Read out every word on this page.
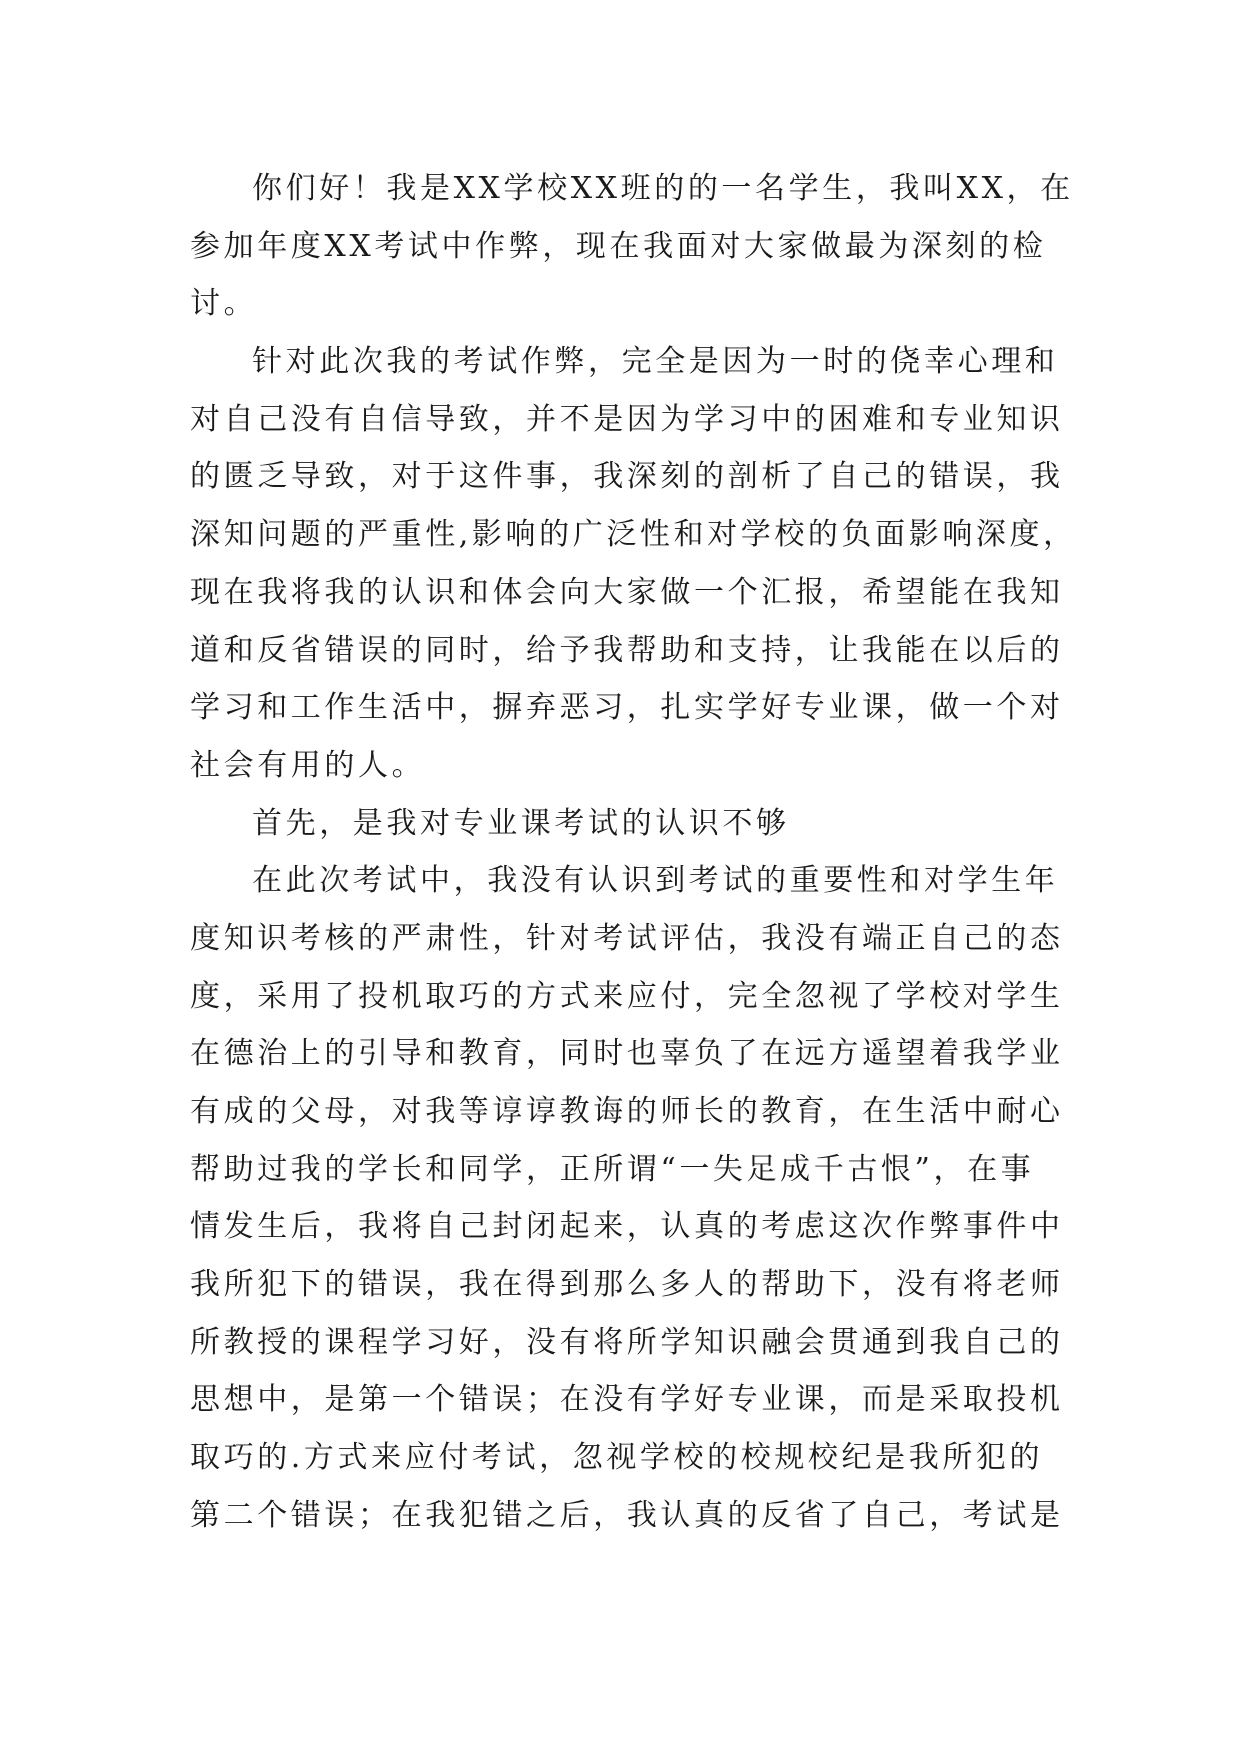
你们好！我是XX学校XX班的的一名学生，我叫XX，在
参加年度XX考试中作弊，现在我面对大家做最为深刻的检
讨。
针对此次我的考试作弊，完全是因为一时的侥幸心理和
对自己没有自信导致，并不是因为学习中的困难和专业知识
的匮乏导致，对于这件事，我深刻的剖析了自己的错误，我
深知问题的严重性,影响的广泛性和对学校的负面影响深度，
现在我将我的认识和体会向大家做一个汇报，希望能在我知
道和反省错误的同时，给予我帮助和支持，让我能在以后的
学习和工作生活中，摒弃恶习，扎实学好专业课，做一个对
社会有用的人。
首先，是我对专业课考试的认识不够
在此次考试中，我没有认识到考试的重要性和对学生年
度知识考核的严肃性，针对考试评估，我没有端正自己的态
度，采用了投机取巧的方式来应付，完全忽视了学校对学生
在德治上的引导和教育，同时也辜负了在远方遥望着我学业
有成的父母，对我等谆谆教诲的师长的教育，在生活中耐心
帮助过我的学长和同学，正所谓“一失足成千古恨”，在事
情发生后，我将自己封闭起来，认真的考虑这次作弊事件中
我所犯下的错误，我在得到那么多人的帮助下，没有将老师
所教授的课程学习好，没有将所学知识融会贯通到我自己的
思想中，是第一个错误；在没有学好专业课，而是采取投机
取巧的.方式来应付考试，忽视学校的校规校纪是我所犯的
第二个错误；在我犯错之后，我认真的反省了自己，考试是
